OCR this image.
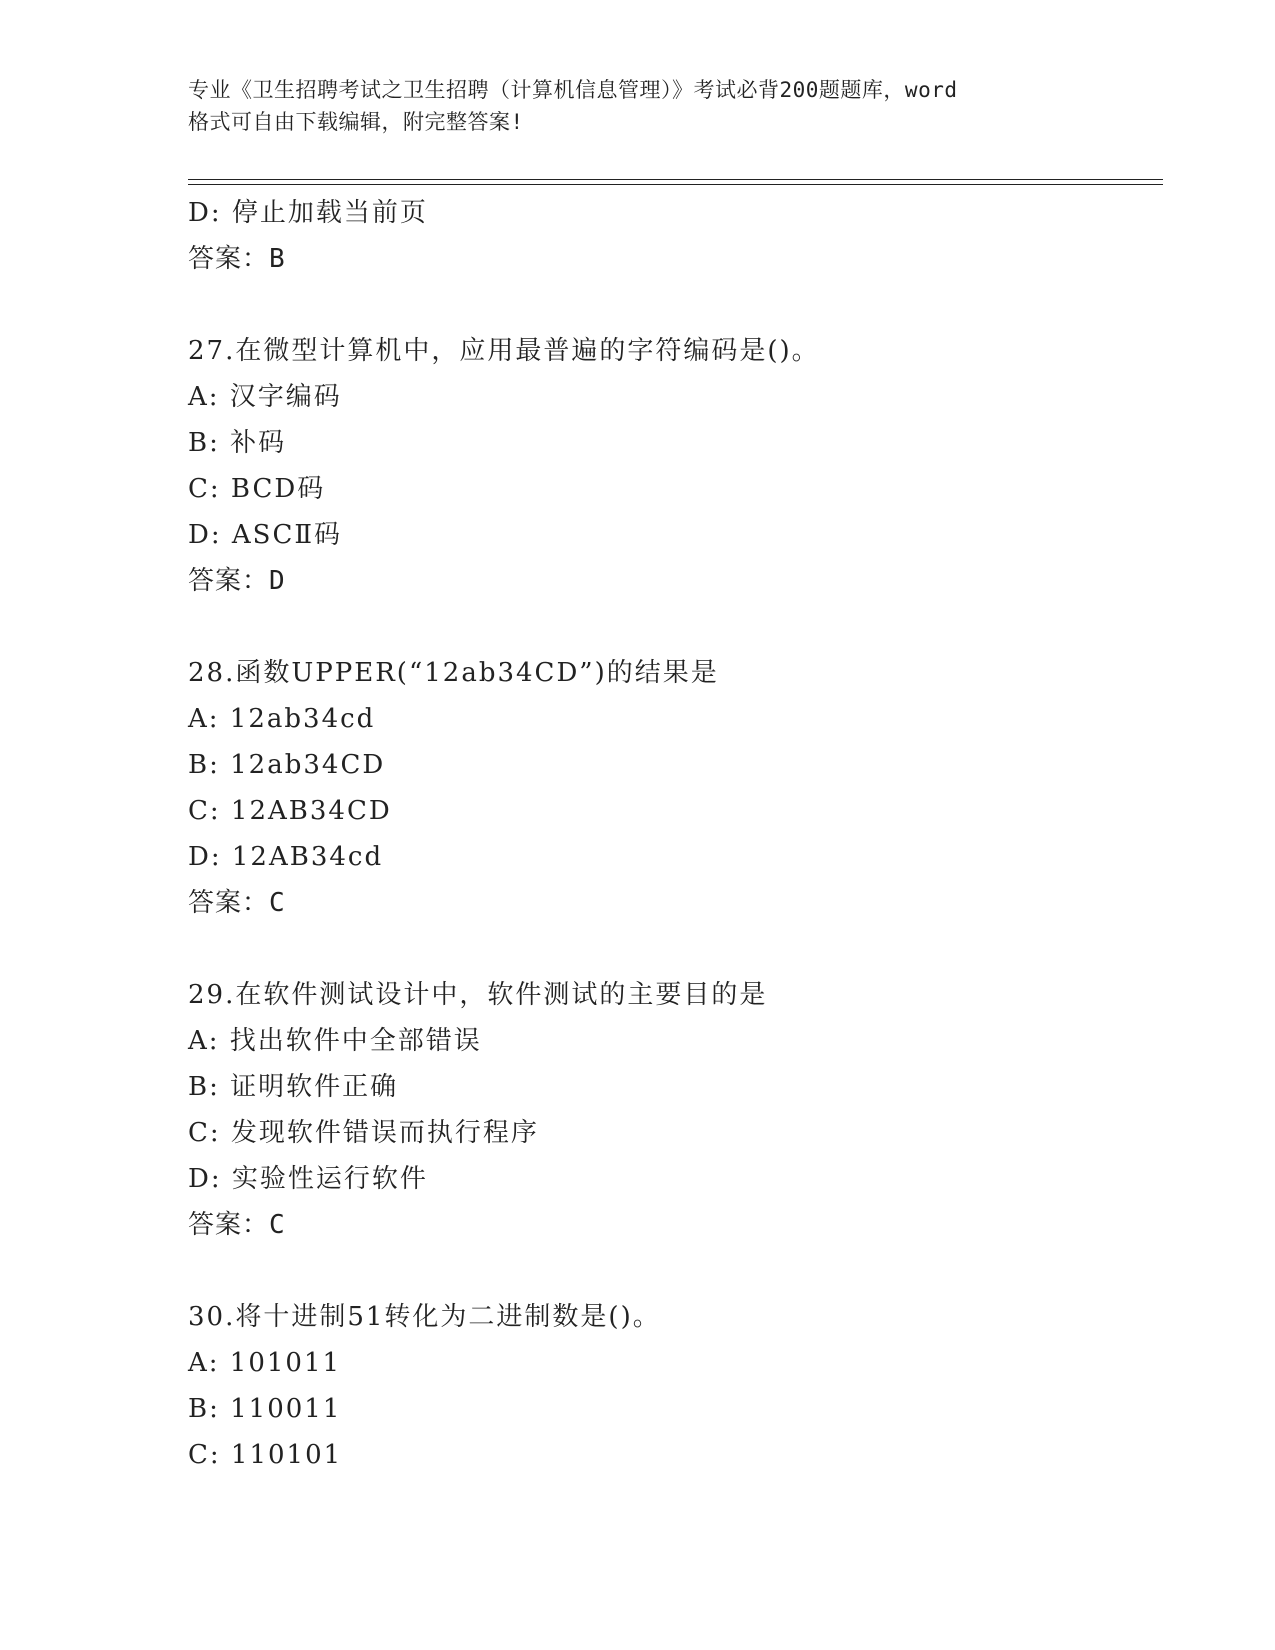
专业《卫生招聘考试之卫生招聘（计算机信息管理）》考试必背200题题库，word
格式可自由下载编辑，附完整答案!
D: 停止加载当前页
答案：B
27.在微型计算机中，应用最普遍的字符编码是()。
A: 汉字编码
B: 补码
C: BCD码
D: ASCⅡ码
答案：D
28.函数UPPER(“12ab34CD”)的结果是
A: 12ab34cd
B: 12ab34CD
C: 12AB34CD
D: 12AB34cd
答案：C
29.在软件测试设计中，软件测试的主要目的是
A: 找出软件中全部错误
B: 证明软件正确
C: 发现软件错误而执行程序
D: 实验性运行软件
答案：C
30.将十进制51转化为二进制数是()。
A: 101011
B: 110011
C: 110101
